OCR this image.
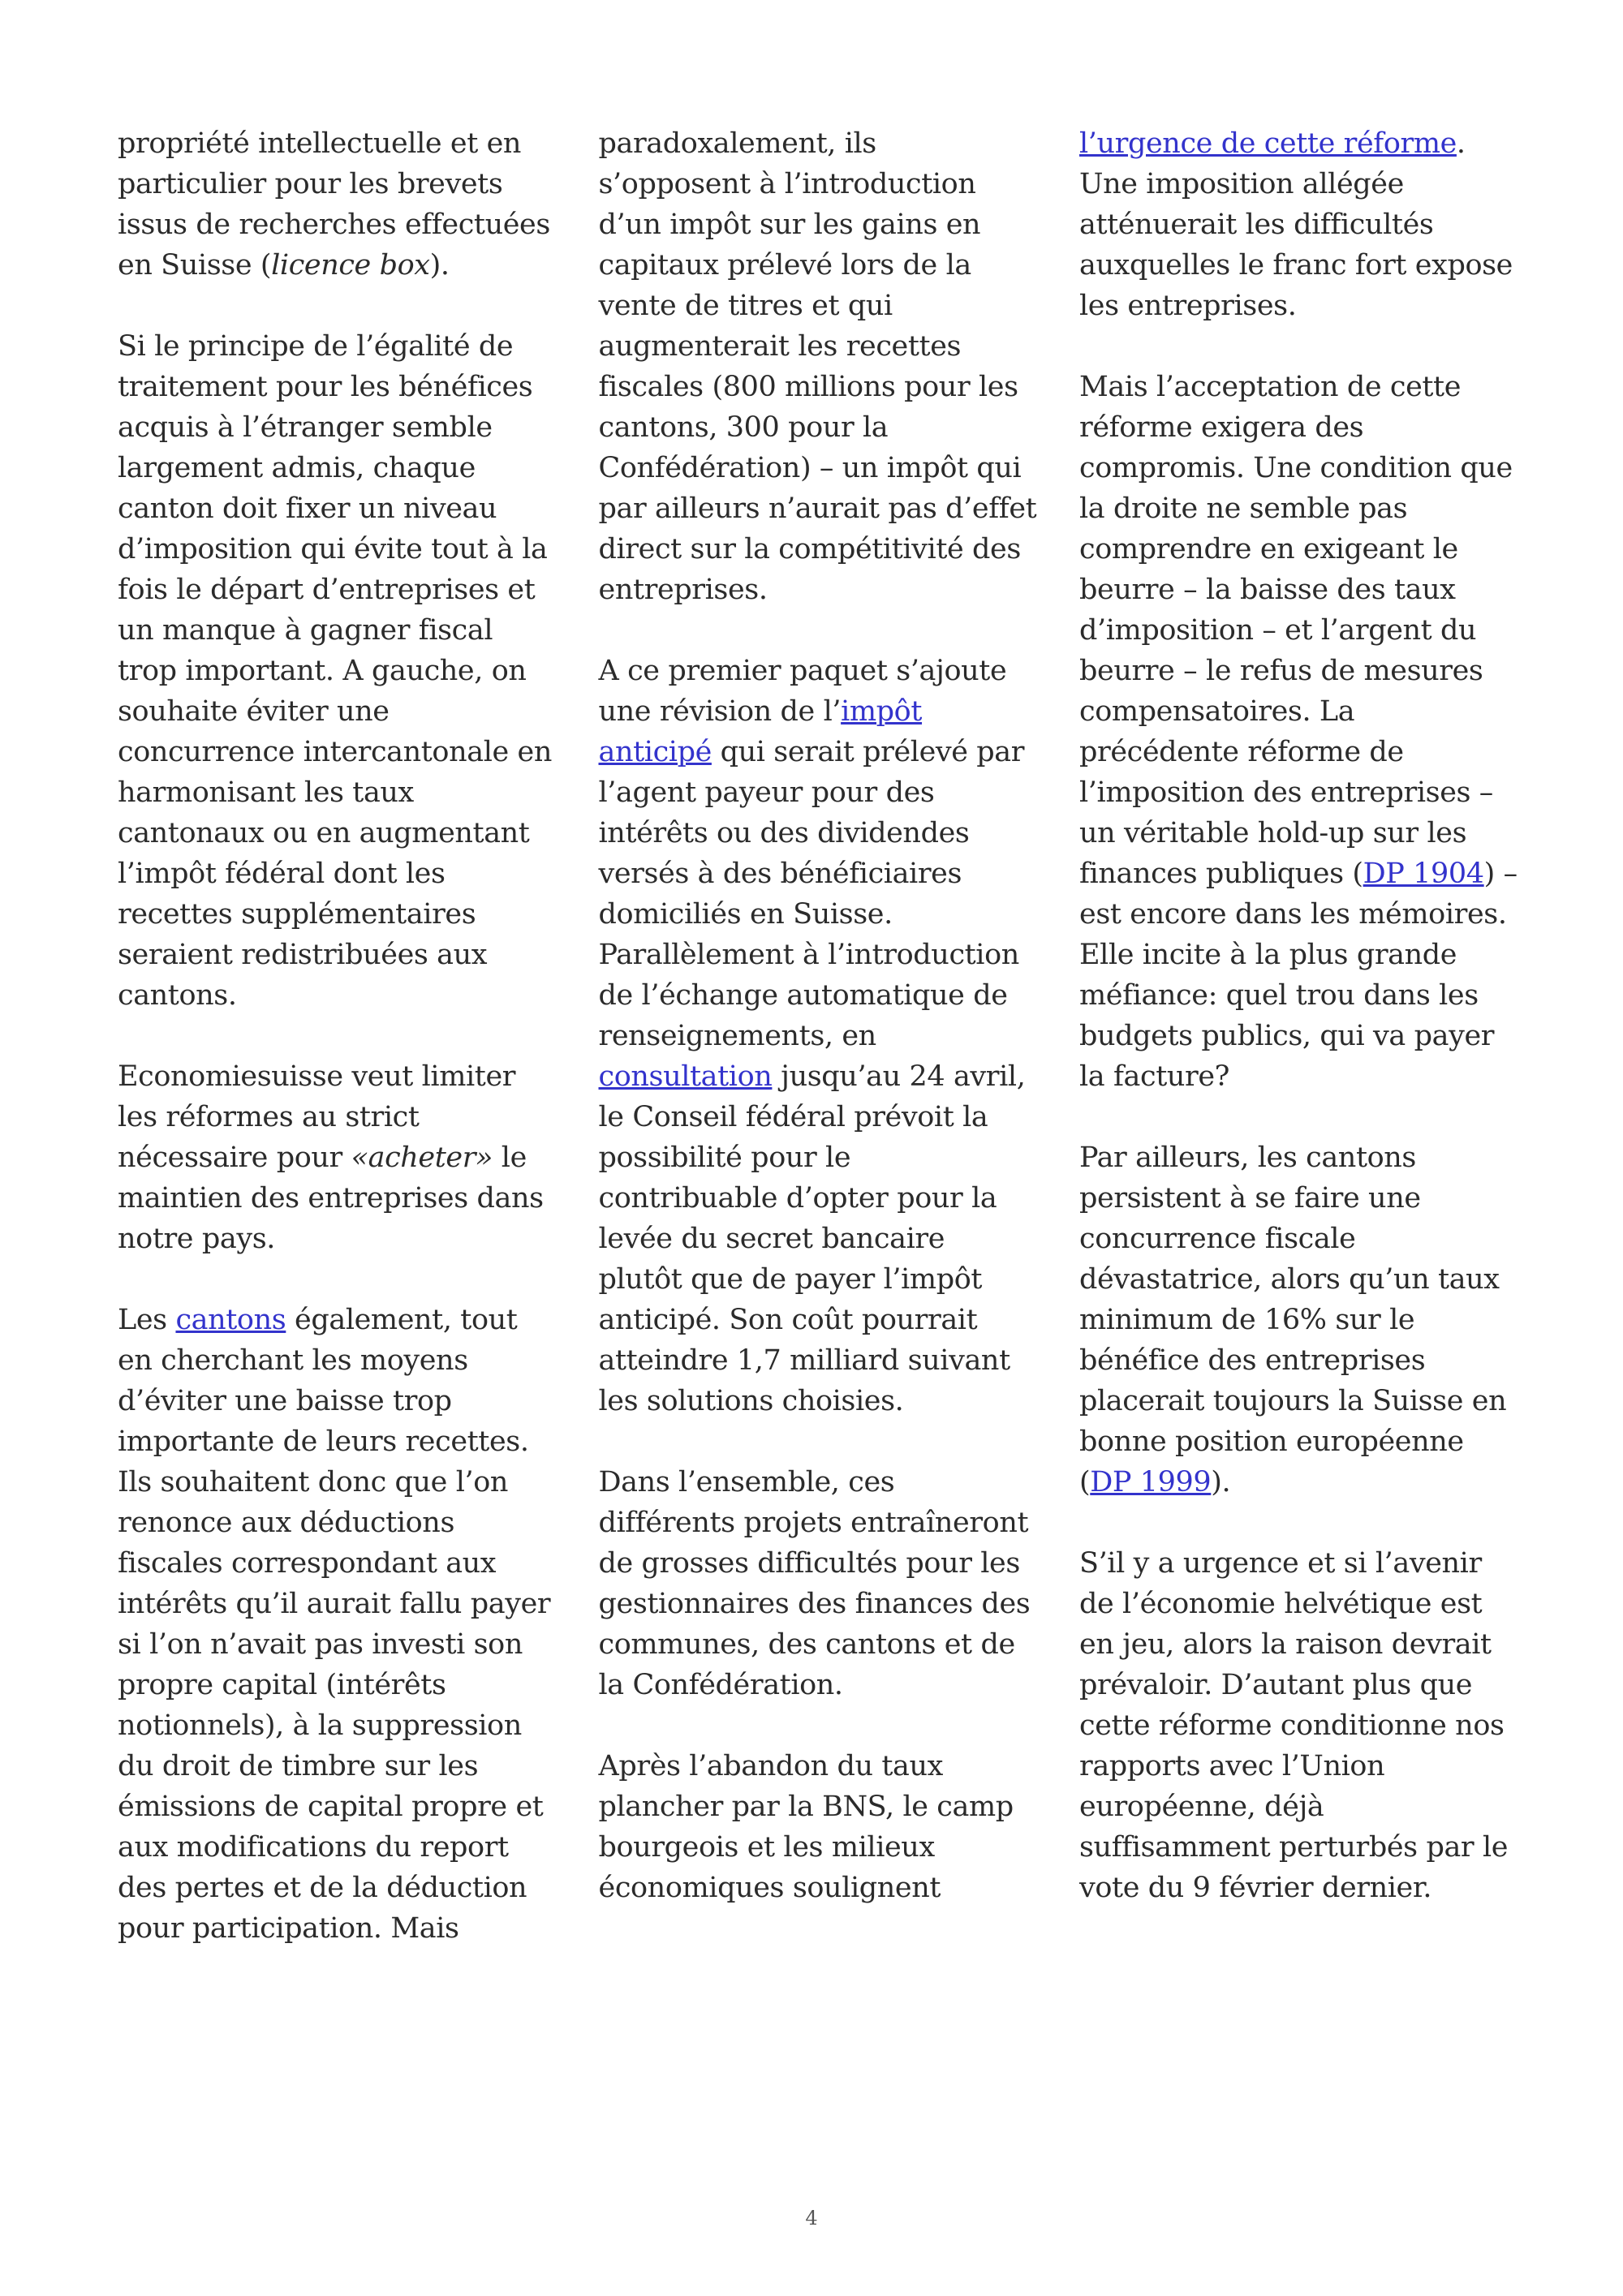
propriété intellectuelle et en particulier pour les brevets issus de recherches effectuées en Suisse (licence box).

Si le principe de l’égalité de traitement pour les bénéfices acquis à l’étranger semble largement admis, chaque canton doit fixer un niveau d’imposition qui évite tout à la fois le départ d’entreprises et un manque à gagner fiscal trop important. A gauche, on souhaite éviter une concurrence intercantonale en harmonisant les taux cantonaux ou en augmentant l’impôt fédéral dont les recettes supplémentaires seraient redistribuées aux cantons.

Economiesuisse veut limiter les réformes au strict nécessaire pour «acheter» le maintien des entreprises dans notre pays.

Les cantons également, tout en cherchant les moyens d’éviter une baisse trop importante de leurs recettes. Ils souhaitent donc que l’on renonce aux déductions fiscales correspondant aux intérêts qu’il aurait fallu payer si l’on n’avait pas investi son propre capital (intérêts notionnels), à la suppression du droit de timbre sur les émissions de capital propre et aux modifications du report des pertes et de la déduction pour participation. Mais

paradoxalement, ils s’opposent à l’introduction d’un impôt sur les gains en capitaux prélevé lors de la vente de titres et qui augmenterait les recettes fiscales (800 millions pour les cantons, 300 pour la Confédération) – un impôt qui par ailleurs n’aurait pas d’effet direct sur la compétitivité des entreprises.

A ce premier paquet s’ajoute une révision de l’impôt anticipé qui serait prélevé par l’agent payeur pour des intérêts ou des dividendes versés à des bénéficiaires domiciliés en Suisse. Parallèlement à l’introduction de l’échange automatique de renseignements, en consultation jusqu’au 24 avril, le Conseil fédéral prévoit la possibilité pour le contribuable d’opter pour la levée du secret bancaire plutôt que de payer l’impôt anticipé. Son coût pourrait atteindre 1,7 milliard suivant les solutions choisies.

Dans l’ensemble, ces différents projets entraîneront de grosses difficultés pour les gestionnaires des finances des communes, des cantons et de la Confédération.

Après l’abandon du taux plancher par la BNS, le camp bourgeois et les milieux économiques soulignent

l’urgence de cette réforme. Une imposition allégée atténuerait les difficultés auxquelles le franc fort expose les entreprises.

Mais l’acceptation de cette réforme exigera des compromis. Une condition que la droite ne semble pas comprendre en exigeant le beurre – la baisse des taux d’imposition – et l’argent du beurre – le refus de mesures compensatoires. La précédente réforme de l’imposition des entreprises – un véritable hold-up sur les finances publiques (DP 1904) – est encore dans les mémoires. Elle incite à la plus grande méfiance: quel trou dans les budgets publics, qui va payer la facture?

Par ailleurs, les cantons persistent à se faire une concurrence fiscale dévastatrice, alors qu’un taux minimum de 16% sur le bénéfice des entreprises placerait toujours la Suisse en bonne position européenne (DP 1999).

S’il y a urgence et si l’avenir de l’économie helvétique est en jeu, alors la raison devrait prévaloir. D’autant plus que cette réforme conditionne nos rapports avec l’Union européenne, déjà suffisamment perturbés par le vote du 9 février dernier.

4
